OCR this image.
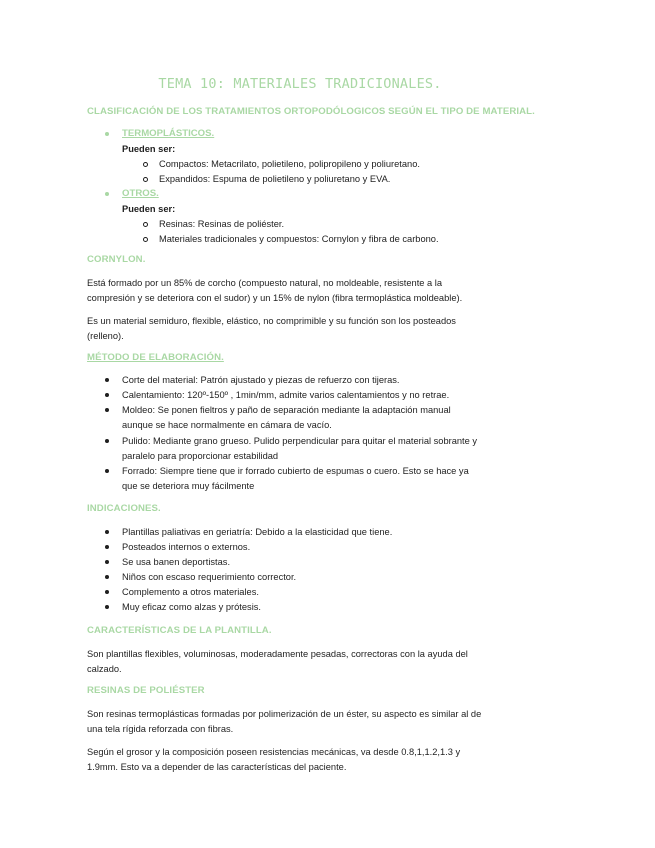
TEMA 10: MATERIALES TRADICIONALES.
CLASIFICACIÓN DE LOS TRATAMIENTOS ORTOPODÓLOGICOS SEGÚN EL TIPO DE MATERIAL.
TERMOPLÁSTICOS.
Pueden ser:
Compactos: Metacrilato, polietileno, polipropileno y poliuretano.
Expandidos: Espuma de polietileno y poliuretano y EVA.
OTROS.
Pueden ser:
Resinas: Resinas de poliéster.
Materiales tradicionales y compuestos: Cornylon y fibra de carbono.
CORNYLON.
Está formado por un 85% de corcho (compuesto natural, no moldeable, resistente a la
compresión y se deteriora con el sudor) y un 15% de nylon (fibra termoplástica moldeable).
Es un material semiduro, flexible, elástico, no comprimible y su función son los posteados
(relleno).
MÉTODO DE ELABORACIÓN.
Corte del material: Patrón ajustado y piezas de refuerzo con tijeras.
Calentamiento: 120º-150º , 1min/mm, admite varios calentamientos y no retrae.
Moldeo: Se ponen fieltros y paño de separación mediante la adaptación manual
aunque se hace normalmente en cámara de vacío.
Pulido: Mediante grano grueso. Pulido perpendicular para quitar el material sobrante y
paralelo para proporcionar estabilidad
Forrado: Siempre tiene que ir forrado cubierto de espumas o cuero. Esto se hace ya
que se deteriora muy fácilmente
INDICACIONES.
Plantillas paliativas en geriatría: Debido a la elasticidad que tiene.
Posteados internos o externos.
Se usa banen deportistas.
Niños con escaso requerimiento corrector.
Complemento a otros materiales.
Muy eficaz como alzas y prótesis.
CARACTERÍSTICAS DE LA PLANTILLA.
Son plantillas flexibles, voluminosas, moderadamente pesadas, correctoras con la ayuda del
calzado.
RESINAS DE POLIÉSTER
Son resinas termoplásticas formadas por polimerización de un éster, su aspecto es similar al de
una tela rígida reforzada con fibras.
Según el grosor y la composición poseen resistencias mecánicas, va desde 0.8,1,1.2,1.3 y
1.9mm. Esto va a depender de las características del paciente.
